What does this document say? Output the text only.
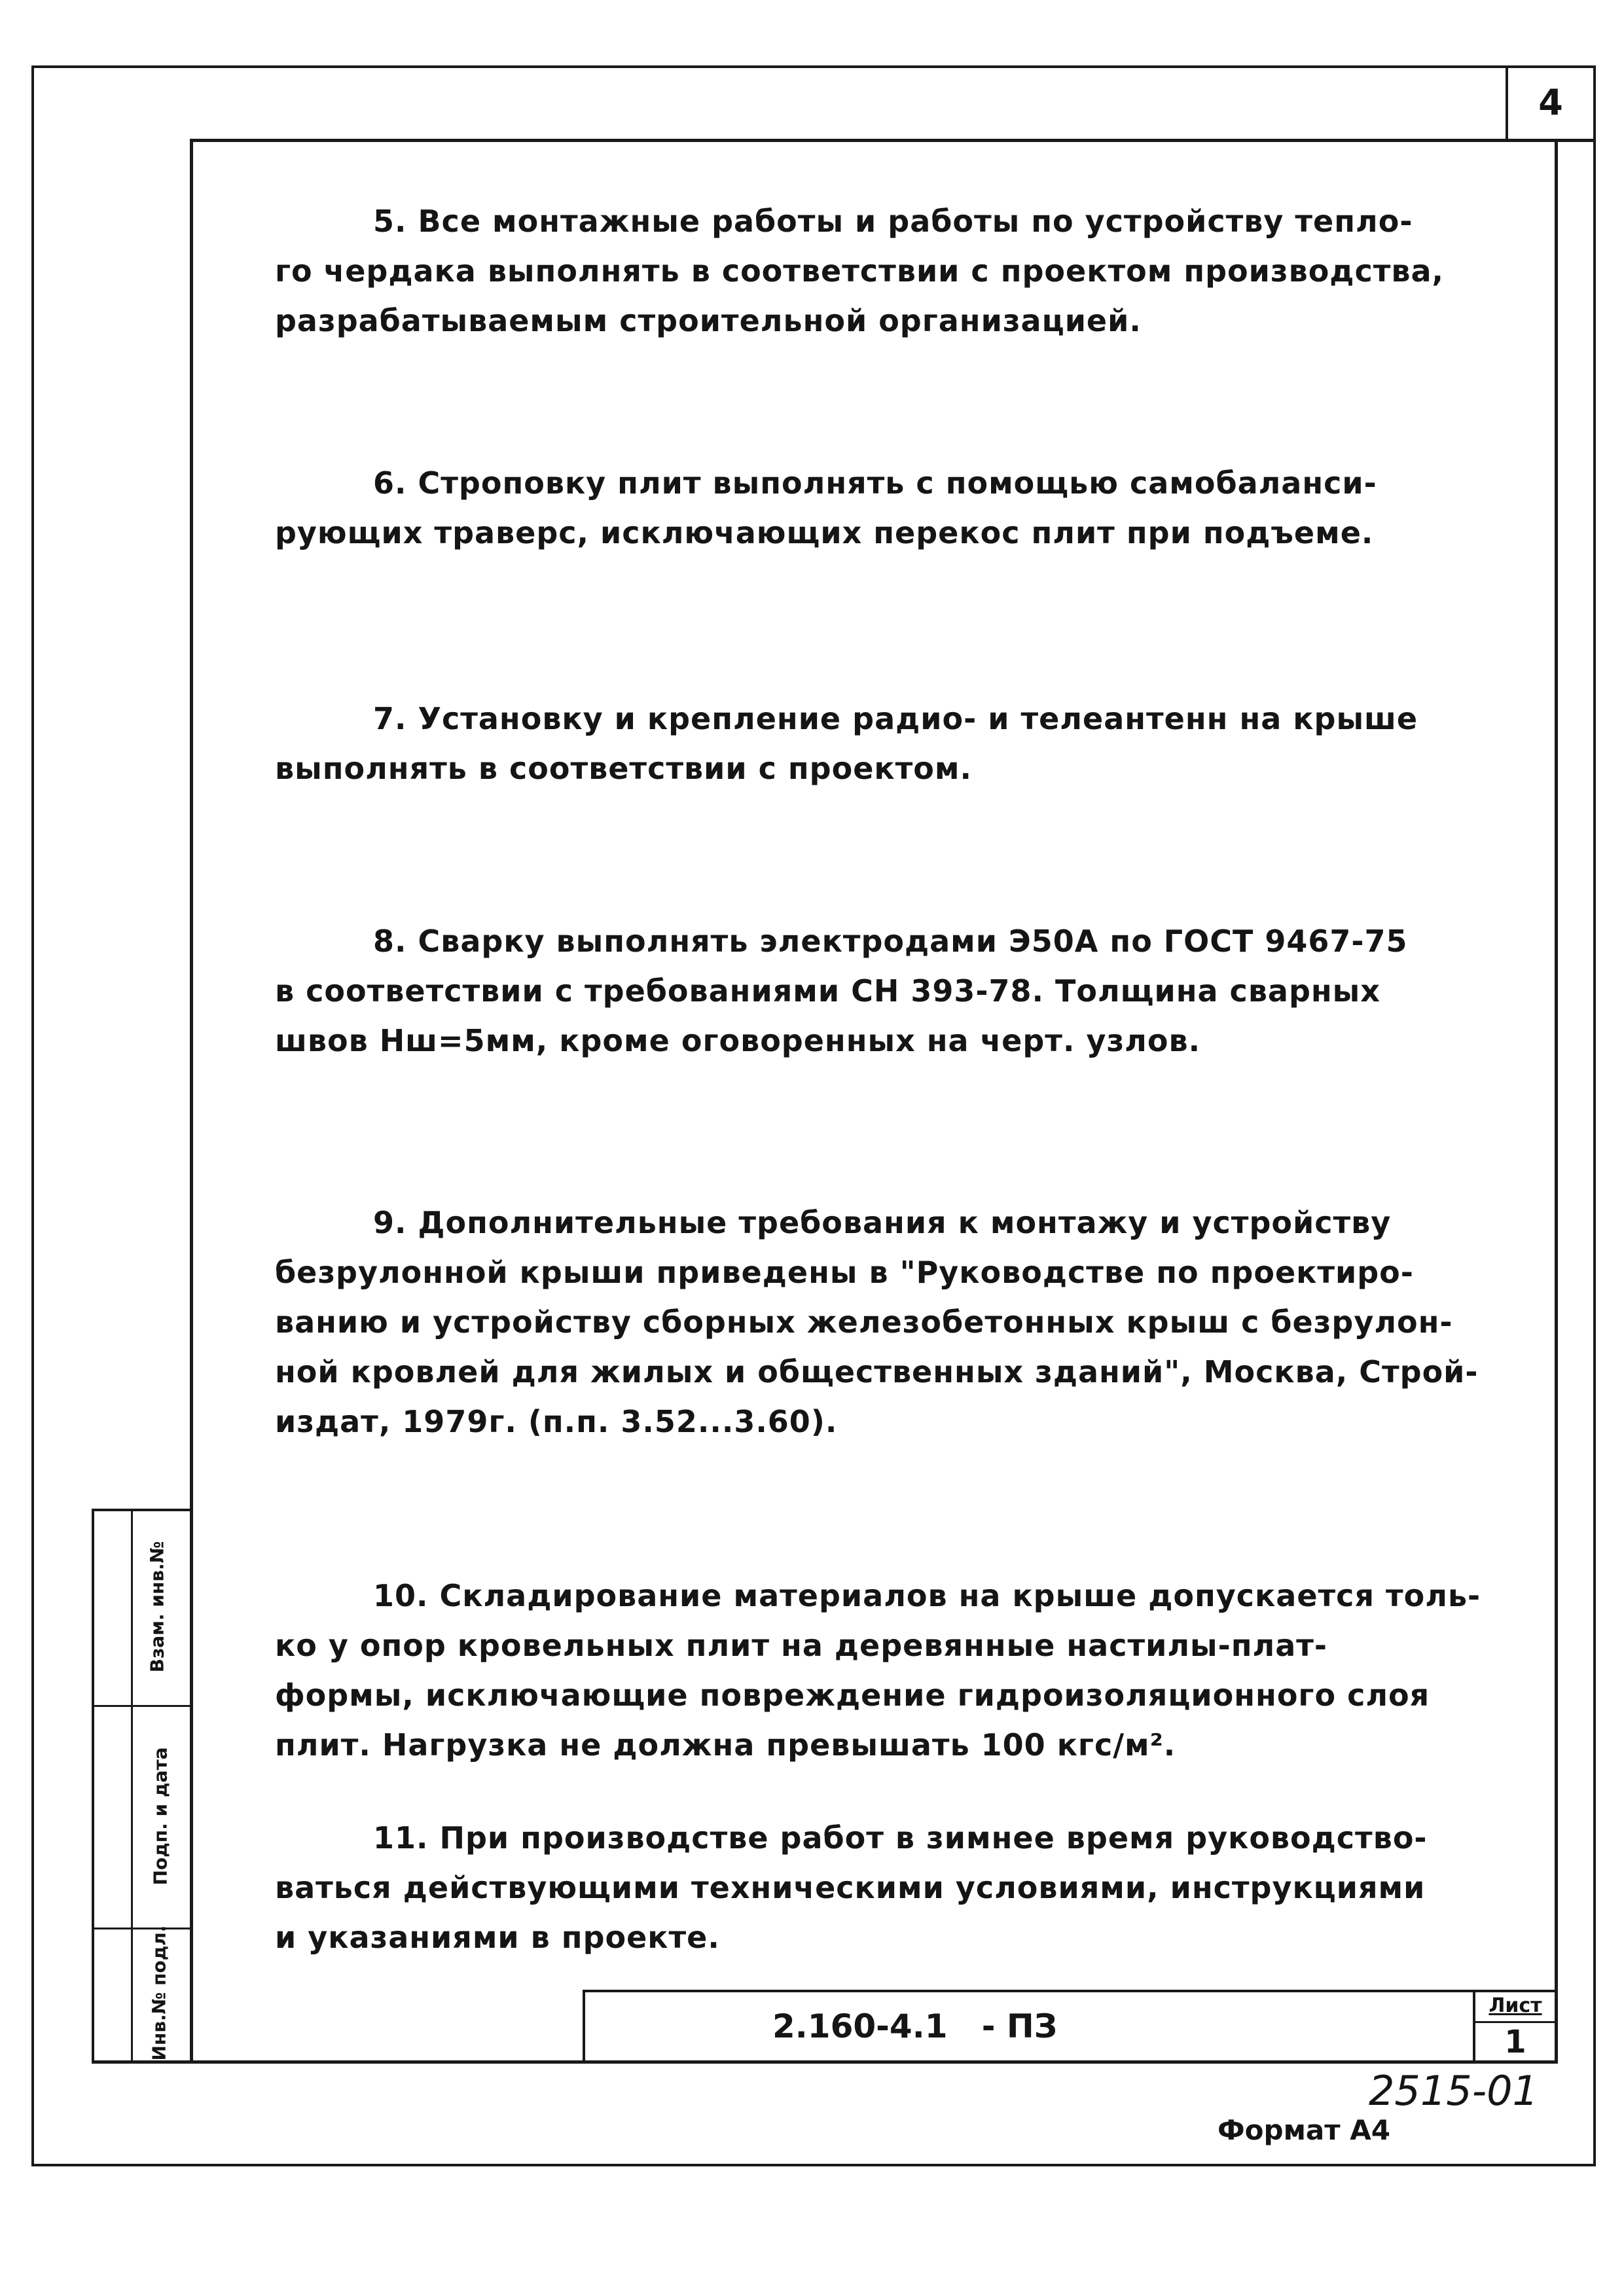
4
Взам. инв.№
Подп. и дата
Инв.№ подл.
5. Все монтажные работы и работы по устройству тепло-
го чердака выполнять в соответствии с проектом производства,
разрабатываемым строительной организацией.
6. Строповку плит выполнять с помощью самобаланси-
рующих траверс, исключающих перекос плит при подъеме.
7. Установку и крепление радио- и телеантенн на крыше
выполнять в соответствии с проектом.
8. Сварку выполнять электродами Э50А по ГОСТ 9467-75
в соответствии с требованиями СН 393-78. Толщина сварных
швов Нш=5мм, кроме оговоренных на черт. узлов.
9. Дополнительные требования к монтажу и устройству
безрулонной крыши приведены в "Руководстве по проектиро-
ванию и устройству сборных железобетонных крыш с безрулон-
ной кровлей для жилых и общественных зданий", Москва, Строй-
издат, 1979г. (п.п. 3.52...3.60).
10. Складирование материалов на крыше допускается толь-
ко у опор кровельных плит на деревянные настилы-плат-
формы, исключающие повреждение гидроизоляционного слоя
плит. Нагрузка не должна превышать 100 кгс/м².
11. При производстве работ в зимнее время руководство-
ваться действующими техническими условиями, инструкциями
и указаниями в проекте.
2.160-4.1   - ПЗ
Лист
1
2515-01
Формат А4
